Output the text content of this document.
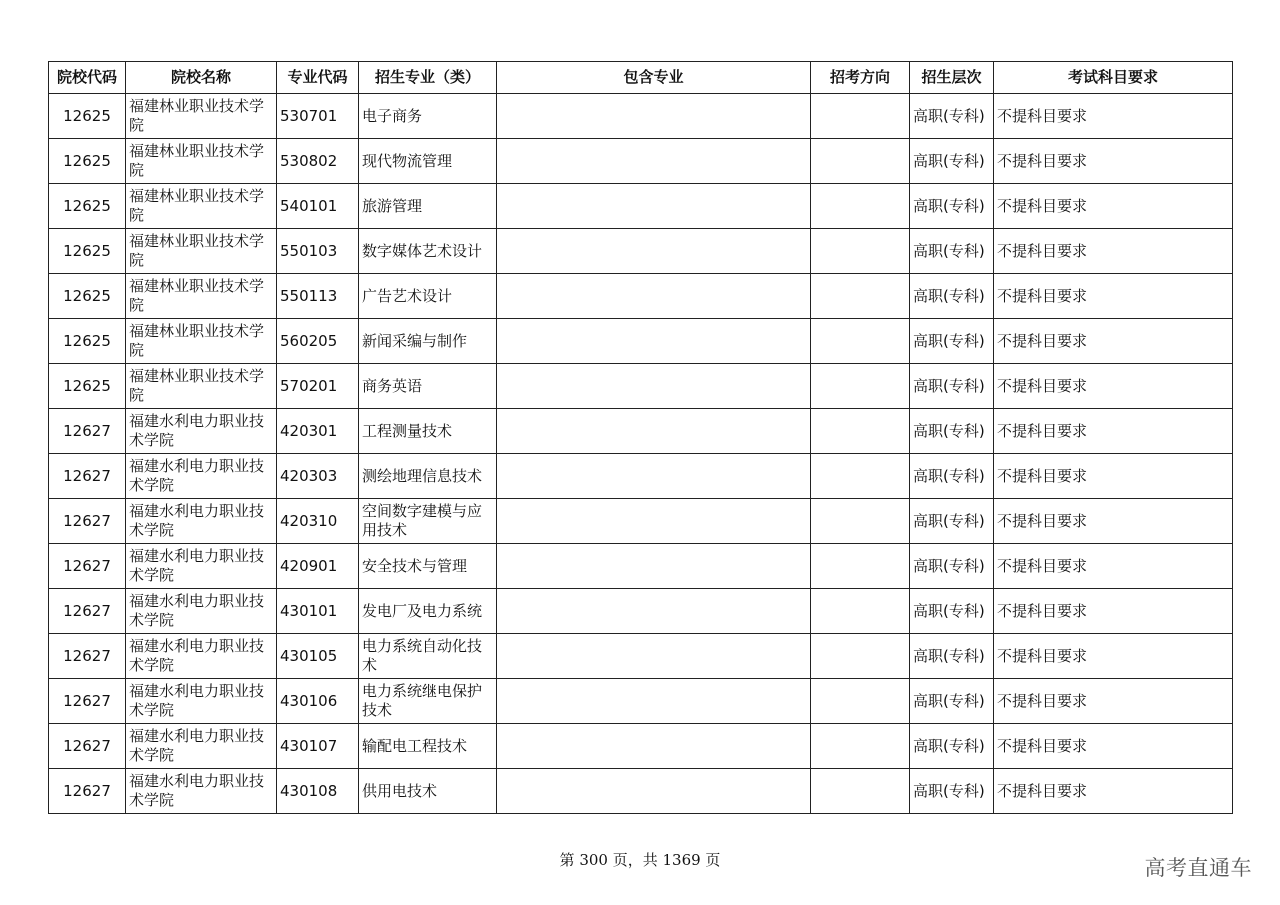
院校代码	院校名称	专业代码	招生专业（类）	包含专业	招考方向	招生层次	考试科目要求
12625	福建林业职业技术学院	530701	电子商务			高职(专科)	不提科目要求
12625	福建林业职业技术学院	530802	现代物流管理			高职(专科)	不提科目要求
12625	福建林业职业技术学院	540101	旅游管理			高职(专科)	不提科目要求
12625	福建林业职业技术学院	550103	数字媒体艺术设计			高职(专科)	不提科目要求
12625	福建林业职业技术学院	550113	广告艺术设计			高职(专科)	不提科目要求
12625	福建林业职业技术学院	560205	新闻采编与制作			高职(专科)	不提科目要求
12625	福建林业职业技术学院	570201	商务英语			高职(专科)	不提科目要求
12627	福建水利电力职业技术学院	420301	工程测量技术			高职(专科)	不提科目要求
12627	福建水利电力职业技术学院	420303	测绘地理信息技术			高职(专科)	不提科目要求
12627	福建水利电力职业技术学院	420310	空间数字建模与应用技术			高职(专科)	不提科目要求
12627	福建水利电力职业技术学院	420901	安全技术与管理			高职(专科)	不提科目要求
12627	福建水利电力职业技术学院	430101	发电厂及电力系统			高职(专科)	不提科目要求
12627	福建水利电力职业技术学院	430105	电力系统自动化技术			高职(专科)	不提科目要求
12627	福建水利电力职业技术学院	430106	电力系统继电保护技术			高职(专科)	不提科目要求
12627	福建水利电力职业技术学院	430107	输配电工程技术			高职(专科)	不提科目要求
12627	福建水利电力职业技术学院	430108	供用电技术			高职(专科)	不提科目要求
第 300 页，共 1369 页	高考直通车
